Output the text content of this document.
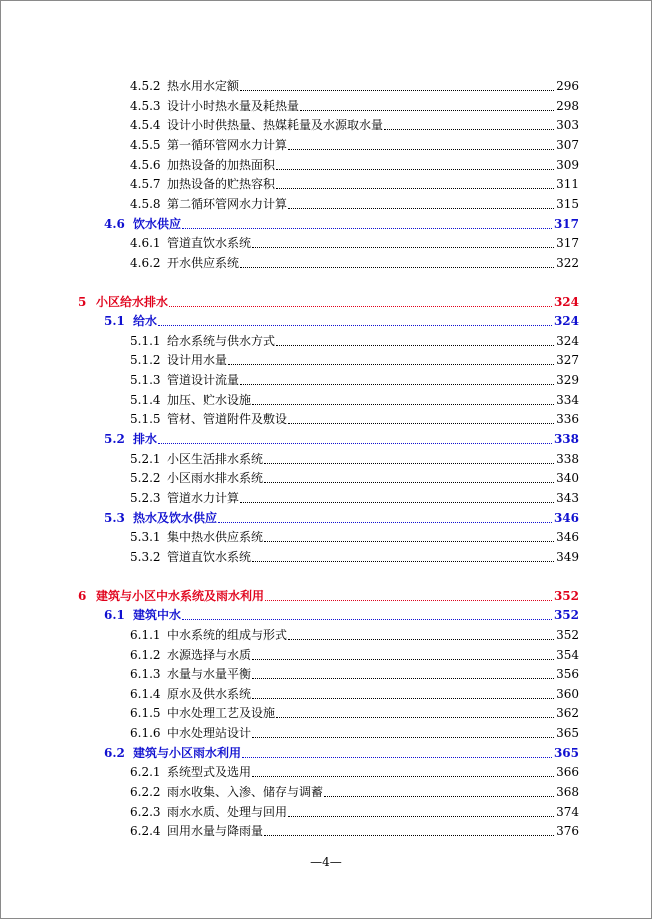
4.5.2 热水用水定额	296
4.5.3 设计小时热水量及耗热量	298
4.5.4 设计小时供热量、热媒耗量及水源取水量	303
4.5.5 第一循环管网水力计算	307
4.5.6 加热设备的加热面积	309
4.5.7 加热设备的贮热容积	311
4.5.8 第二循环管网水力计算	315
4.6 饮水供应	317
4.6.1 管道直饮水系统	317
4.6.2 开水供应系统	322
5 小区给水排水	324
5.1 给水	324
5.1.1 给水系统与供水方式	324
5.1.2 设计用水量	327
5.1.3 管道设计流量	329
5.1.4 加压、贮水设施	334
5.1.5 管材、管道附件及敷设	336
5.2 排水	338
5.2.1 小区生活排水系统	338
5.2.2 小区雨水排水系统	340
5.2.3 管道水力计算	343
5.3 热水及饮水供应	346
5.3.1 集中热水供应系统	346
5.3.2 管道直饮水系统	349
6 建筑与小区中水系统及雨水利用	352
6.1 建筑中水	352
6.1.1 中水系统的组成与形式	352
6.1.2 水源选择与水质	354
6.1.3 水量与水量平衡	356
6.1.4 原水及供水系统	360
6.1.5 中水处理工艺及设施	362
6.1.6 中水处理站设计	365
6.2 建筑与小区雨水利用	365
6.2.1 系统型式及选用	366
6.2.2 雨水收集、入渗、储存与调蓄	368
6.2.3 雨水水质、处理与回用	374
6.2.4 回用水量与降雨量	376
—4—
